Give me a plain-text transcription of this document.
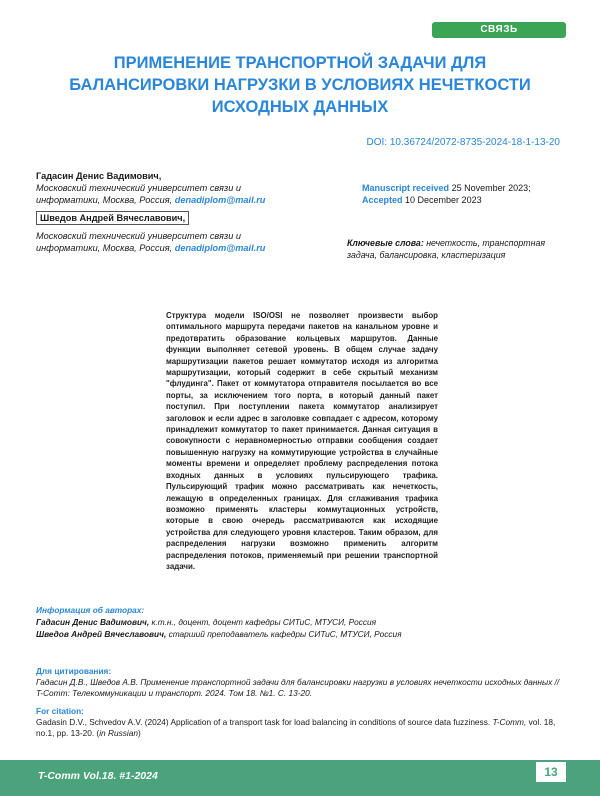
СВЯЗЬ
ПРИМЕНЕНИЕ ТРАНСПОРТНОЙ ЗАДАЧИ ДЛЯ
БАЛАНСИРОВКИ НАГРУЗКИ В УСЛОВИЯХ НЕЧЕТКОСТИ
ИСХОДНЫХ ДАННЫХ
DOI: 10.36724/2072-8735-2024-18-1-13-20
Гадасин Денис Вадимович,
Московский технический университет связи и информатики, Москва, Россия, denadiplom@mail.ru
Шведов Андрей Вячеславович,
Московский технический университет связи и информатики, Москва, Россия, denadiplom@mail.ru
Manuscript received 25 November 2023;
Accepted 10 December 2023
Ключевые слова: нечеткость, транспортная задача, балансировка, кластеризация
Структура модели ISO/OSI не позволяет произвести выбор оптимального маршрута передачи пакетов на канальном уровне и предотвратить образование кольцевых маршрутов. Данные функции выполняет сетевой уровень. В общем случае задачу маршрутизации пакетов решает коммутатор исходя из алгоритма маршрутизации, который содержит в себе скрытый механизм "флудинга". Пакет от коммутатора отправителя посылается во все порты, за исключением того порта, в который данный пакет поступил. При поступлении пакета коммутатор анализирует заголовок и если адрес в заголовке совпадает с адресом, которому принадлежит коммутатор то пакет принимается. Данная ситуация в совокупности с неравномерностью отправки сообщения создает повышенную нагрузку на коммутирующие устройства в случайные моменты времени и определяет проблему распределения потока входных данных в условиях пульсирующего трафика. Пульсирующий трафик можно рассматривать как нечеткость, лежащую в определенных границах. Для сглаживания трафика возможно применять кластеры коммутационных устройств, которые в свою очередь рассматриваются как исходящие устройства для следующего уровня кластеров. Таким образом, для распределения нагрузки возможно применить алгоритм распределения потоков, применяемый при решении транспортной задачи.
Информация об авторах:
Гадасин Денис Вадимович, к.т.н., доцент, доцент кафедры СИТиС, МТУСИ, Россия
Шведов Андрей Вячеславович, старший преподаватель кафедры СИТиС, МТУСИ, Россия
Для цитирования:
Гадасин Д.В., Шведов А.В. Применение транспортной задачи для балансировки нагрузки в условиях нечеткости исходных данных // T-Comm: Телекоммуникации и транспорт. 2024. Том 18. №1. С. 13-20.
For citation:
Gadasin D.V., Schvedov A.V. (2024) Application of a transport task for load balancing in conditions of source data fuzziness. T-Comm, vol. 18, no.1, pp. 13-20. (in Russian)
T-Comm Vol.18. #1-2024	13
